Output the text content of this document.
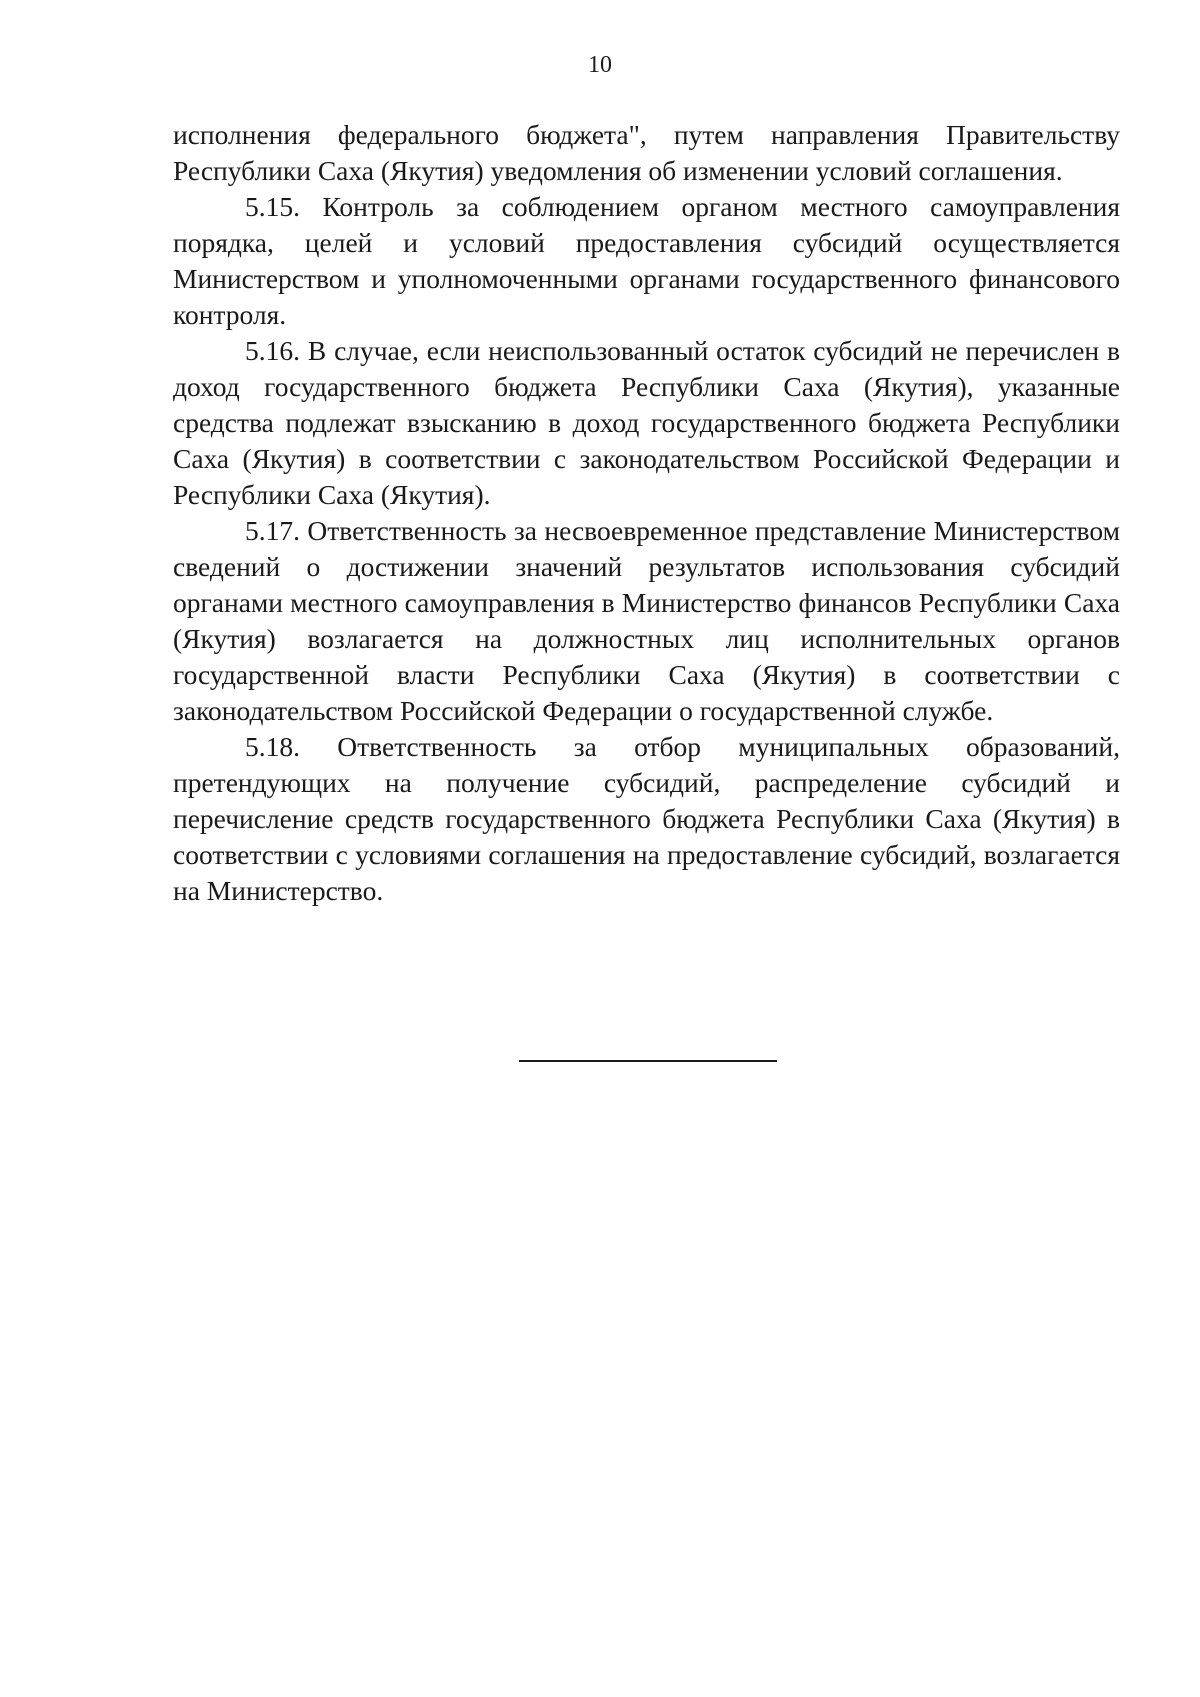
10

исполнения федерального бюджета", путем направления Правительству Республики Саха (Якутия) уведомления об изменении условий соглашения.

5.15. Контроль за соблюдением органом местного самоуправления порядка, целей и условий предоставления субсидий осуществляется Министерством и уполномоченными органами государственного финансового контроля.

5.16. В случае, если неиспользованный остаток субсидий не перечислен в доход государственного бюджета Республики Саха (Якутия), указанные средства подлежат взысканию в доход государственного бюджета Республики Саха (Якутия) в соответствии с законодательством Российской Федерации и Республики Саха (Якутия).

5.17. Ответственность за несвоевременное представление Министерством сведений о достижении значений результатов использования субсидий органами местного самоуправления в Министерство финансов Республики Саха (Якутия) возлагается на должностных лиц исполнительных органов государственной власти Республики Саха (Якутия) в соответствии с законодательством Российской Федерации о государственной службе.

5.18. Ответственность за отбор муниципальных образований, претендующих на получение субсидий, распределение субсидий и перечисление средств государственного бюджета Республики Саха (Якутия) в соответствии с условиями соглашения на предоставление субсидий, возлагается на Министерство.
